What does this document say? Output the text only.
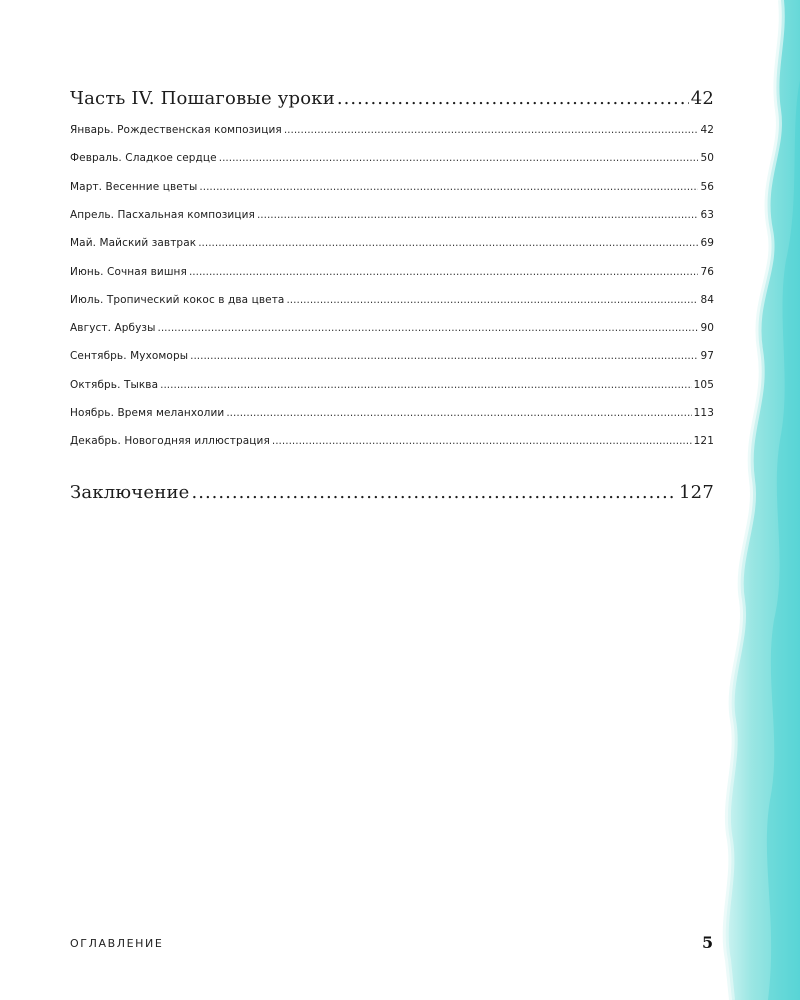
Часть IV. Пошаговые уроки .....	42
Январь. Рождественская композиция .....	42
Февраль. Сладкое сердце .....	50
Март. Весенние цветы .....	56
Апрель. Пасхальная композиция .....	63
Май. Майский завтрак .....	69
Июнь. Сочная вишня .....	76
Июль. Тропический кокос в два цвета .....	84
Август. Арбузы .....	90
Сентябрь. Мухоморы .....	97
Октябрь. Тыква .....	105
Ноябрь. Время меланхолии .....	113
Декабрь. Новогодняя иллюстрация .....	121
Заключение .....	127
ОГЛАВЛЕНИЕ	5
